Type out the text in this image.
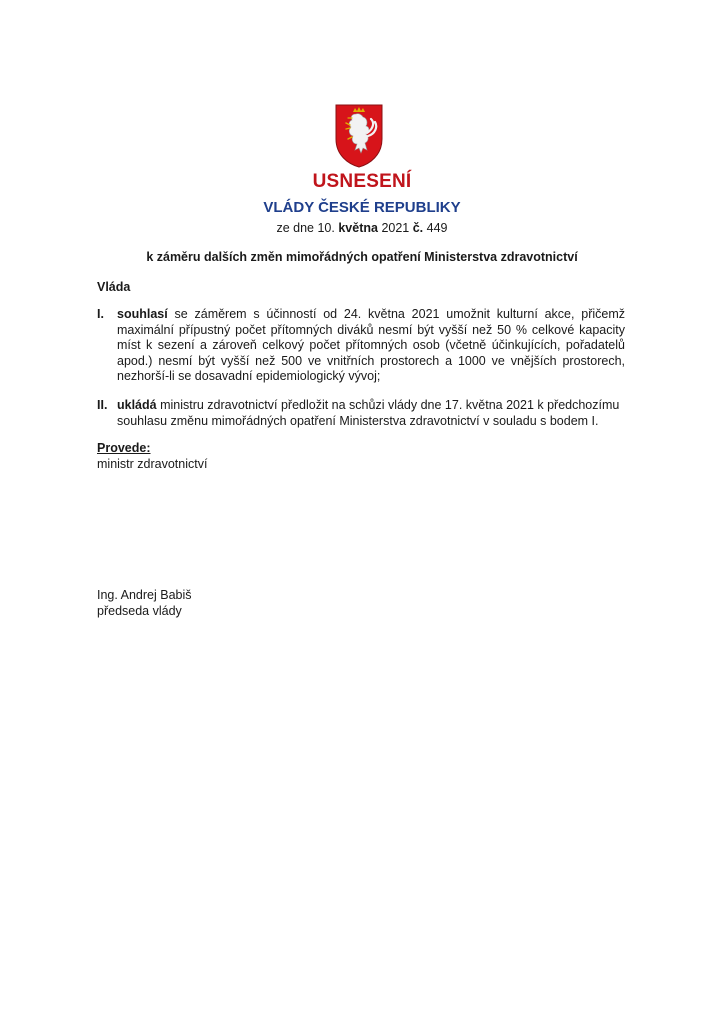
USNESENÍ
VLÁDY ČESKÉ REPUBLIKY
ze dne 10. května 2021 č. 449
k záměru dalších změn mimořádných opatření Ministerstva zdravotnictví
Vláda
I. souhlasí se záměrem s účinností od 24. května 2021 umožnit kulturní akce, přičemž maximální přípustný počet přítomných diváků nesmí být vyšší než 50 % celkové kapacity míst k sezení a zároveň celkový počet přítomných osob (včetně účinkujících, pořadatelů apod.) nesmí být vyšší než 500 ve vnitřních prostorech a 1000 ve vnějších prostorech, nezhorší-li se dosavadní epidemiologický vývoj;
II. ukládá ministru zdravotnictví předložit na schůzi vlády dne 17. května 2021 k předchozímu souhlasu změnu mimořádných opatření Ministerstva zdravotnictví v souladu s bodem I.
Provede:
ministr zdravotnictví
Ing. Andrej Babiš
předseda vlády
